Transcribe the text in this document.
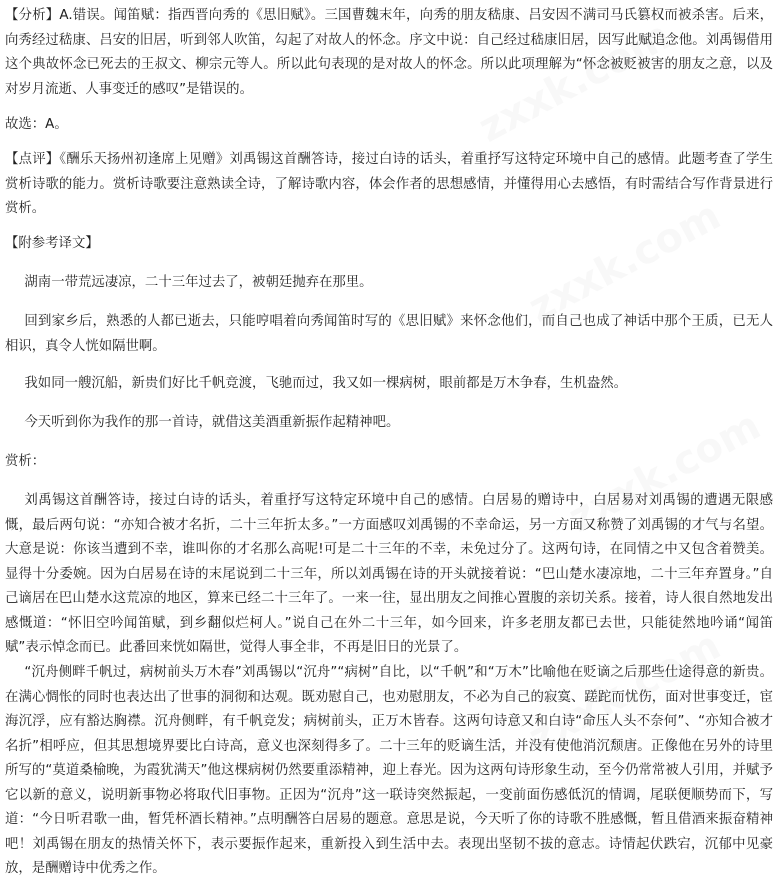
zxxk.com
zxxk.com
zxxk.com
zxxk.com

【分析】A.错误。闻笛赋：指西晋向秀的《思旧赋》。三国曹魏末年，向秀的朋友嵇康、吕安因不满司马氏篡权而被杀害。后来，向秀经过嵇康、吕安的旧居，听到邻人吹笛，勾起了对故人的怀念。序文中说：自己经过嵇康旧居，因写此赋追念他。刘禹锡借用这个典故怀念已死去的王叔文、柳宗元等人。所以此句表现的是对故人的怀念。所以此项理解为“怀念被贬被害的朋友之意，以及对岁月流逝、人事变迁的感叹”是错误的。

故选：A。

【点评】《酬乐天扬州初逢席上见赠》刘禹锡这首酬答诗，接过白诗的话头，着重抒写这特定环境中自己的感情。此题考查了学生赏析诗歌的能力。赏析诗歌要注意熟读全诗，了解诗歌内容，体会作者的思想感情，并懂得用心去感悟，有时需结合写作背景进行赏析。

【附参考译文】

湖南一带荒远凄凉，二十三年过去了，被朝廷抛弃在那里。

回到家乡后，熟悉的人都已逝去，只能哼唱着向秀闻笛时写的《思旧赋》来怀念他们，而自己也成了神话中那个王质，已无人相识，真令人恍如隔世啊。

我如同一艘沉船，新贵们好比千帆竞渡，飞驰而过，我又如一棵病树，眼前都是万木争春，生机盎然。

今天听到你为我作的那一首诗，就借这美酒重新振作起精神吧。

赏析：

刘禹锡这首酬答诗，接过白诗的话头，着重抒写这特定环境中自己的感情。白居易的赠诗中，白居易对刘禹锡的遭遇无限感慨，最后两句说：“亦知合被才名折，二十三年折太多。”一方面感叹刘禹锡的不幸命运，另一方面又称赞了刘禹锡的才气与名望。大意是说：你该当遭到不幸，谁叫你的才名那么高呢!可是二十三年的不幸，未免过分了。这两句诗，在同情之中又包含着赞美。显得十分委婉。因为白居易在诗的末尾说到二十三年，所以刘禹锡在诗的开头就接着说：“巴山楚水凄凉地，二十三年弃置身。”自己谪居在巴山楚水这荒凉的地区，算来已经二十三年了。一来一往，显出朋友之间推心置腹的亲切关系。接着，诗人很自然地发出感慨道：“怀旧空吟闻笛赋，到乡翻似烂柯人。”说自己在外二十三年，如今回来，许多老朋友都已去世，只能徒然地吟诵“闻笛赋”表示悼念而已。此番回来恍如隔世，觉得人事全非，不再是旧日的光景了。

“沉舟侧畔千帆过，病树前头万木春”刘禹锡以“沉舟”“病树”自比，以“千帆”和“万木”比喻他在贬谪之后那些仕途得意的新贵。在满心惆怅的同时也表达出了世事的洞彻和达观。既劝慰自己，也劝慰朋友，不必为自己的寂寞、蹉跎而忧伤，面对世事变迁，宦海沉浮，应有豁达胸襟。沉舟侧畔，有千帆竞发；病树前头，正万木皆春。这两句诗意又和白诗“命压人头不奈何”、“亦知合被才名折”相呼应，但其思想境界要比白诗高，意义也深刻得多了。二十三年的贬谪生活，并没有使他消沉颓唐。正像他在另外的诗里所写的“莫道桑榆晚，为霞犹满天”他这棵病树仍然要重添精神，迎上春光。因为这两句诗形象生动，至今仍常常被人引用，并赋予它以新的意义，说明新事物必将取代旧事物。正因为“沉舟”这一联诗突然振起，一变前面伤感低沉的情调，尾联便顺势而下，写道：“今日听君歌一曲，暂凭杯酒长精神。”点明酬答白居易的题意。意思是说，今天听了你的诗歌不胜感慨，暂且借酒来振奋精神吧！刘禹锡在朋友的热情关怀下，表示要振作起来，重新投入到生活中去。表现出坚韧不拔的意志。诗情起伏跌宕，沉郁中见豪放，是酬赠诗中优秀之作。
